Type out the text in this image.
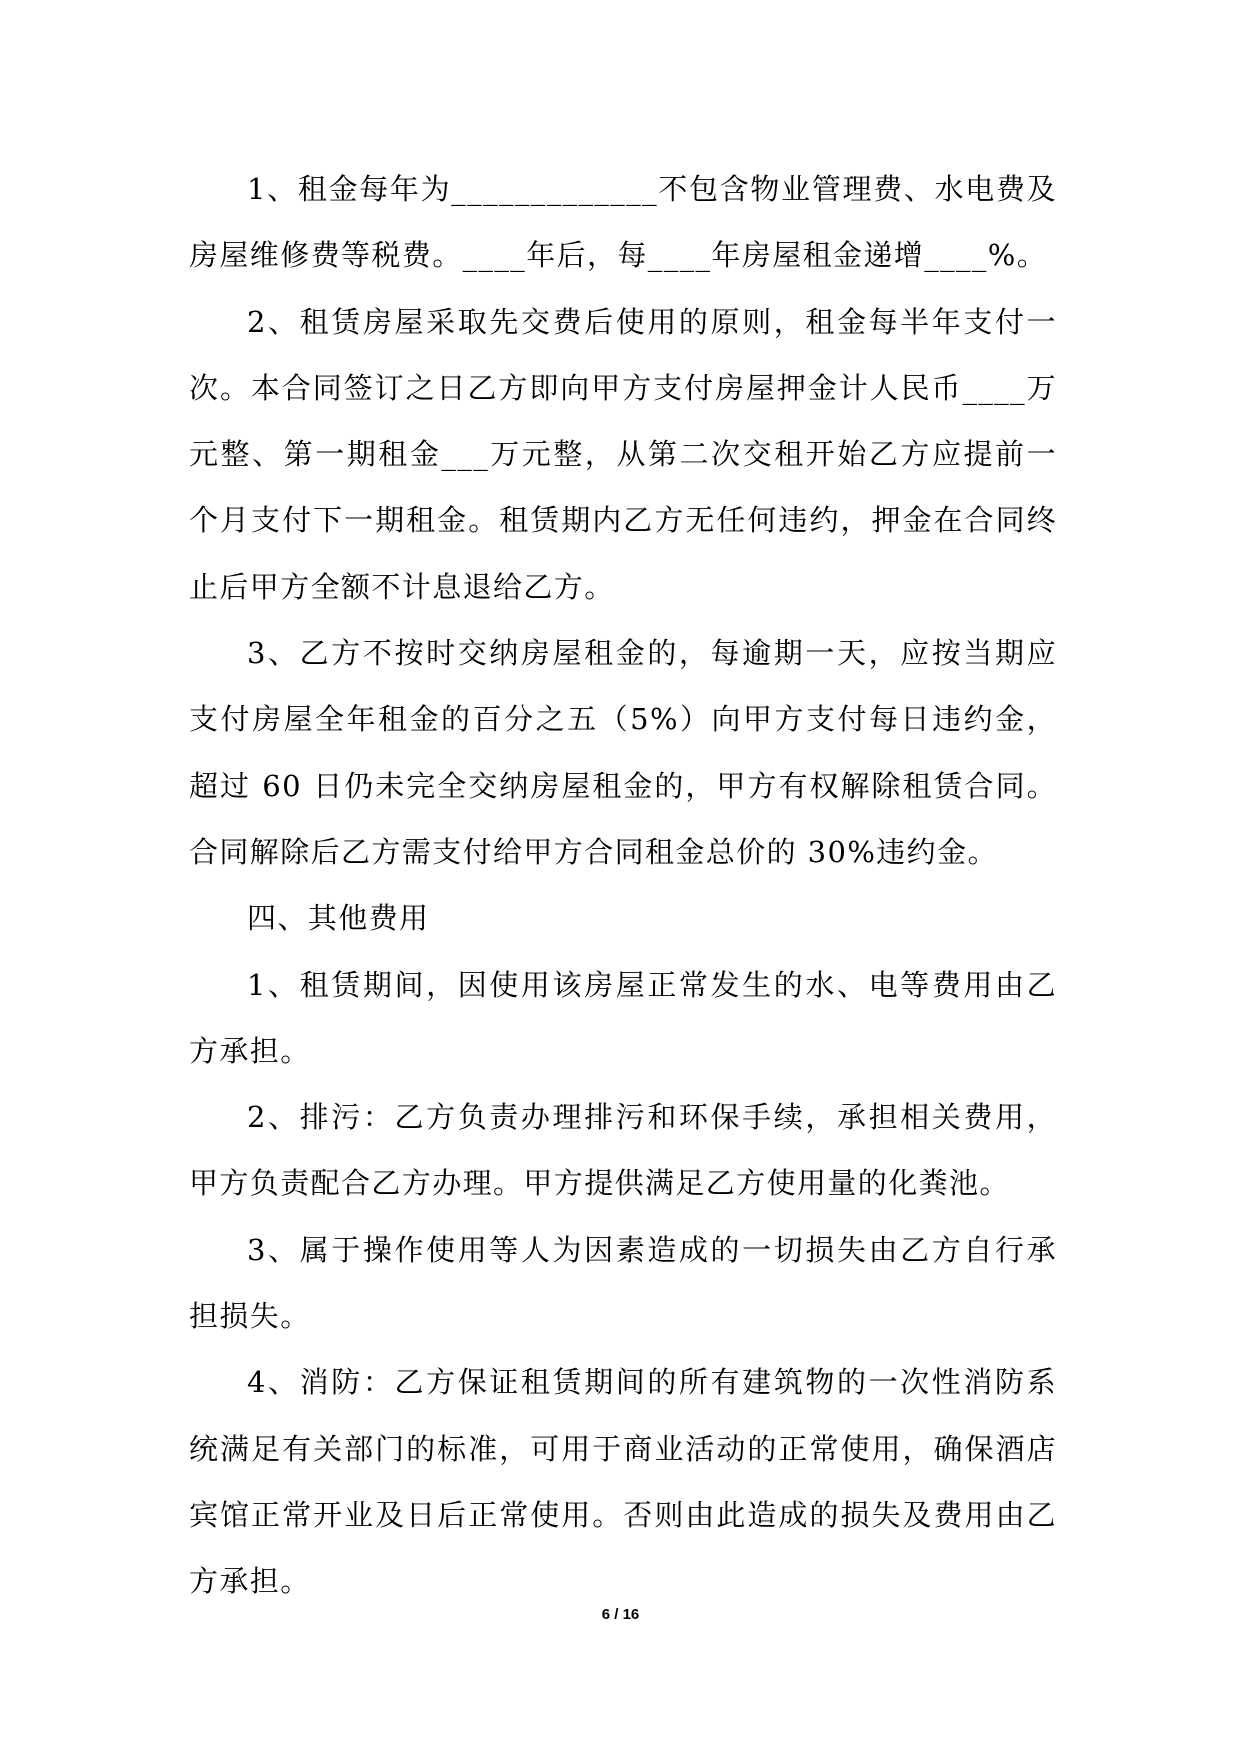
1、租金每年为_____________不包含物业管理费、水电费及房屋维修费等税费。____年后，每____年房屋租金递增____%。

2、租赁房屋采取先交费后使用的原则，租金每半年支付一次。本合同签订之日乙方即向甲方支付房屋押金计人民币____万元整、第一期租金___万元整，从第二次交租开始乙方应提前一个月支付下一期租金。租赁期内乙方无任何违约，押金在合同终止后甲方全额不计息退给乙方。

3、乙方不按时交纳房屋租金的，每逾期一天，应按当期应支付房屋全年租金的百分之五（5%）向甲方支付每日违约金，超过 60 日仍未完全交纳房屋租金的，甲方有权解除租赁合同。合同解除后乙方需支付给甲方合同租金总价的 30%违约金。

四、其他费用

1、租赁期间，因使用该房屋正常发生的水、电等费用由乙方承担。

2、排污：乙方负责办理排污和环保手续，承担相关费用，甲方负责配合乙方办理。甲方提供满足乙方使用量的化粪池。

3、属于操作使用等人为因素造成的一切损失由乙方自行承担损失。

4、消防：乙方保证租赁期间的所有建筑物的一次性消防系统满足有关部门的标准，可用于商业活动的正常使用，确保酒店宾馆正常开业及日后正常使用。否则由此造成的损失及费用由乙方承担。

6 / 16
